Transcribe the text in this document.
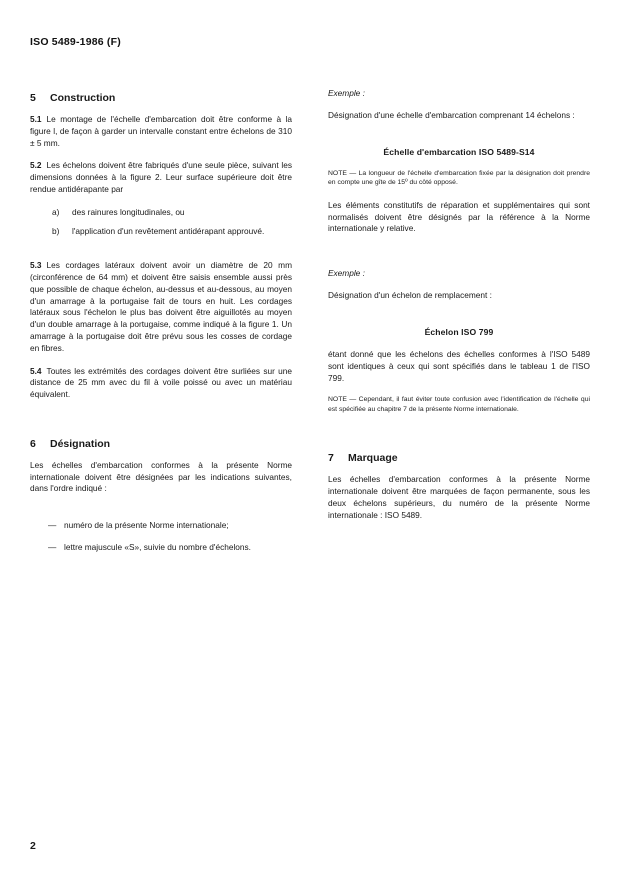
ISO 5489-1986 (F)
5	Construction

5.1 Le montage de l'échelle d'embarcation doit être conforme à la figure l, de façon à garder un intervalle constant entre échelons de 310 ± 5 mm.

5.2 Les échelons doivent être fabriqués d'une seule pièce, suivant les dimensions données à la figure 2. Leur surface supérieure doit être rendue antidérapante par

a)	des rainures longitudinales, ou
b)	l'application d'un revêtement antidérapant approuvé.

5.3 Les cordages latéraux doivent avoir un diamètre de 20 mm (circonférence de 64 mm) et doivent être saisis ensemble aussi près que possible de chaque échelon, au-dessus et au-dessous, au moyen d'un amarrage à la portugaise fait de tours en huit. Les cordages latéraux sous l'échelon le plus bas doivent être aiguillotés au moyen d'un double amarrage à la portugaise, comme indiqué à la figure 1. Un amarrage à la portugaise doit être prévu sous les cosses de cordage en fibres.

5.4 Toutes les extrémités des cordages doivent être surliées sur une distance de 25 mm avec du fil à voile poissé ou avec un matériau équivalent.

6	Désignation

Les échelles d'embarcation conformes à la présente Norme internationale doivent être désignées par les indications suivantes, dans l'ordre indiqué :

— numéro de la présente Norme internationale;
— lettre majuscule «S», suivie du nombre d'échelons.
Exemple :

Désignation d'une échelle d'embarcation comprenant 14 échelons :

Échelle d'embarcation ISO 5489-S14
NOTE — La longueur de l'échelle d'embarcation fixée par la désignation doit prendre en compte une gîte de 15º du côté opposé.

Les éléments constitutifs de réparation et supplémentaires qui sont normalisés doivent être désignés par la référence à la Norme internationale y relative.

Exemple :

Désignation d'un échelon de remplacement :

Échelon ISO 799

étant donné que les échelons des échelles conformes à l'ISO 5489 sont identiques à ceux qui sont spécifiés dans le tableau 1 de l'ISO 799.

NOTE — Cependant, il faut éviter toute confusion avec l'identification de l'échelle qui est spécifiée au chapitre 7 de la présente Norme internationale.
7	Marquage

Les échelles d'embarcation conformes à la présente Norme internationale doivent être marquées de façon permanente, sous les deux échelons supérieurs, du numéro de la présente Norme internationale : ISO 5489.

2
